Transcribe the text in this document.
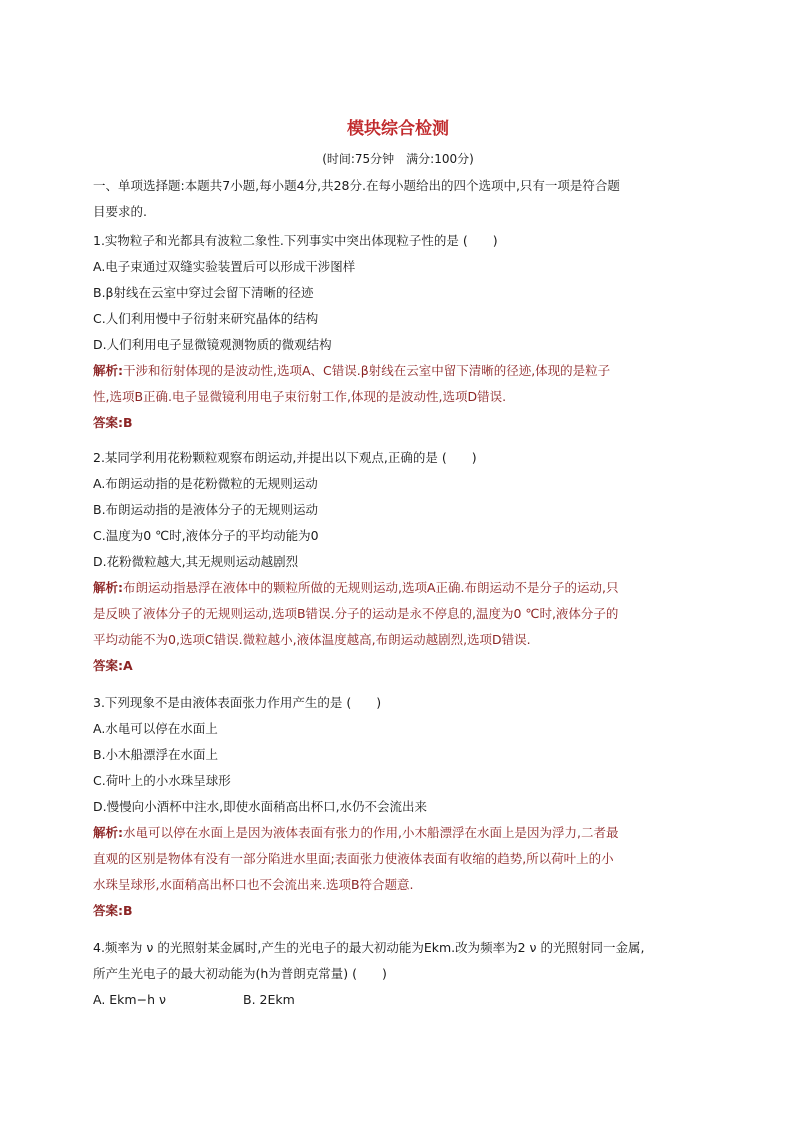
模块综合检测
(时间:75分钟　满分:100分)
一、单项选择题:本题共7小题,每小题4分,共28分.在每小题给出的四个选项中,只有一项是符合题
目要求的.
1.实物粒子和光都具有波粒二象性.下列事实中突出体现粒子性的是 (　　)
A.电子束通过双缝实验装置后可以形成干涉图样
B.β射线在云室中穿过会留下清晰的径迹
C.人们利用慢中子衍射来研究晶体的结构
D.人们利用电子显微镜观测物质的微观结构
解析:干涉和衍射体现的是波动性,选项A、C错误.β射线在云室中留下清晰的径迹,体现的是粒子
性,选项B正确.电子显微镜利用电子束衍射工作,体现的是波动性,选项D错误.
答案:B
2.某同学利用花粉颗粒观察布朗运动,并提出以下观点,正确的是 (　　)
A.布朗运动指的是花粉微粒的无规则运动
B.布朗运动指的是液体分子的无规则运动
C.温度为0 ℃时,液体分子的平均动能为0
D.花粉微粒越大,其无规则运动越剧烈
解析:布朗运动指悬浮在液体中的颗粒所做的无规则运动,选项A正确.布朗运动不是分子的运动,只
是反映了液体分子的无规则运动,选项B错误.分子的运动是永不停息的,温度为0 ℃时,液体分子的
平均动能不为0,选项C错误.微粒越小,液体温度越高,布朗运动越剧烈,选项D错误.
答案:A
3.下列现象不是由液体表面张力作用产生的是 (　　)
A.水黾可以停在水面上
B.小木船漂浮在水面上
C.荷叶上的小水珠呈球形
D.慢慢向小酒杯中注水,即使水面稍高出杯口,水仍不会流出来
解析:水黾可以停在水面上是因为液体表面有张力的作用,小木船漂浮在水面上是因为浮力,二者最
直观的区别是物体有没有一部分陷进水里面;表面张力使液体表面有收缩的趋势,所以荷叶上的小
水珠呈球形,水面稍高出杯口也不会流出来.选项B符合题意.
答案:B
4.频率为 ν 的光照射某金属时,产生的光电子的最大初动能为Ekm.改为频率为2 ν 的光照射同一金属,
所产生光电子的最大初动能为(h为普朗克常量) (　　)
A. Ekm−h ν	B. 2Ekm
